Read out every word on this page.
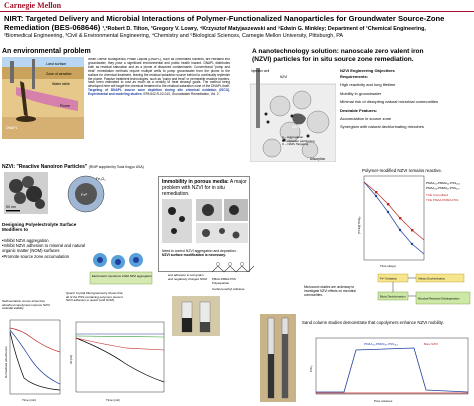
Carnegie Mellon
NIRT: Targeted Delivery and Microbial Interactions of Polymer-Functionalized Nanoparticles for Groundwater Source-Zone
Remediation (BES-068646) ¹,²Robert D. Tilton, ³Gregory V. Lowry, ⁴Krzysztof Matyjaszewski and ⁵Edwin G. Minkley; Department of ¹Chemical Engineering,
²Biomedical Engineering, ³Civil & Environmental Engineering, ⁴Chemistry and ⁵Biological Sciences, Carnegie Mellon University, Pittsburgh, PA
An environmental problem
Land surface
Zone of aeration
DNAPL
Water table
Plume
When Dense Nonaqueous Phase Liquids (DNAPL), such as chlorinated solvents, are released into groundwater, they pose a significant environmental and public health hazard. DNAPL distributes both as residual saturation and as a plume of dissolved contaminants. Conventional "pump and treat" remediation methods require multiple wells to pump groundwater from the plume to the surface for chemical treatment, leaving the residual saturation source behind to continually replenish the plume. Passive treatment technologies, such as "pump and treat" or permeable reactive barriers, have been estimated to cost as much as a century to treat cleanup goals. The method being developed here will target the chemical treatment to the residual saturation zone of the DNAPL itself. Targeting of DNAPL source zone depletion during site chemical oxidation (ISCO). Experimental and modeling studies. EPA 542-R-02-010, Groundwater Remediation, Vol. 2.
A nanotechnology solution: nanoscale zero valent iron
(NZVI) particles for in situ source zone remediation.
Injection well
NZVI
NAPL
Adsorption
NZVI Engineering Objectives
Requirements:
High reactivity and long lifetime
Mobility in groundwater
Minimal risk of disrupting natural microbial communities
Desirable Features:
Accumulation in source zone
Synergism with natural dechlorinating microbes
A – Aggregation
B – Oil/water partitioning
C – NAPL Targeting
NZVI: "Reactive Nanoiron Particles" (RNIP supplied by Toda Kogyo USA)
50 nm
Fe⁰
Fe₃O₄	Immobility in porous media: A major problem with NZVI for in situ remediation.
Need to control NZVI aggregation and deposition:
NZVI surface modification is necessary.
Designing Polyelectrolyte Surface
Modifiers to
•Inhibit NZVI aggregation
•Inhibit NZVI adhesion to mineral and natural organic matter (NOM) surfaces
•Promote source zone accumulation
Electrosteric repulsions inhibit NZVI aggregation	and adhesion to soil grains and negatively charged NOM	PMAA-PMMA-PSS
Polyaspartate
Carboxymethyl cellulose
Sedimentation curves show that adsorbed copolymers improve NZVI colloidal stability
Time (min)
Normalized absorbance
Quartz Crystal Microgravimetry shows that all of the PSS-containing polymers prevent NZVI adhesion to quartz (and NOM).
Time (min)
Δf (Hz)
Polymer-modified NZVI remains reactive.
Time (days)
[TCE]/[TCE]₀
PMAA₄₂-PMMA₂₆-PSS₄₆₂
PMAA₄₈-PMMA₁₇-PSS₆₅₀
TCE Unmodified
TCE PMAA-PMMA-PSS
Fe⁰ Oxidation	Abiotic Dechlorination
Biotic Dechlorination
Microbial Reductive Dehalogenation
Microcosm studies are underway to investigate NZVI effects on microbial communities.
Sand column studies demonstrate that copolymers enhance NZVI mobility.
Pore volumes
C/C₀
PMAA₄₂-PMMA₂₆-PSS₄₆₂	Bare NZVI
